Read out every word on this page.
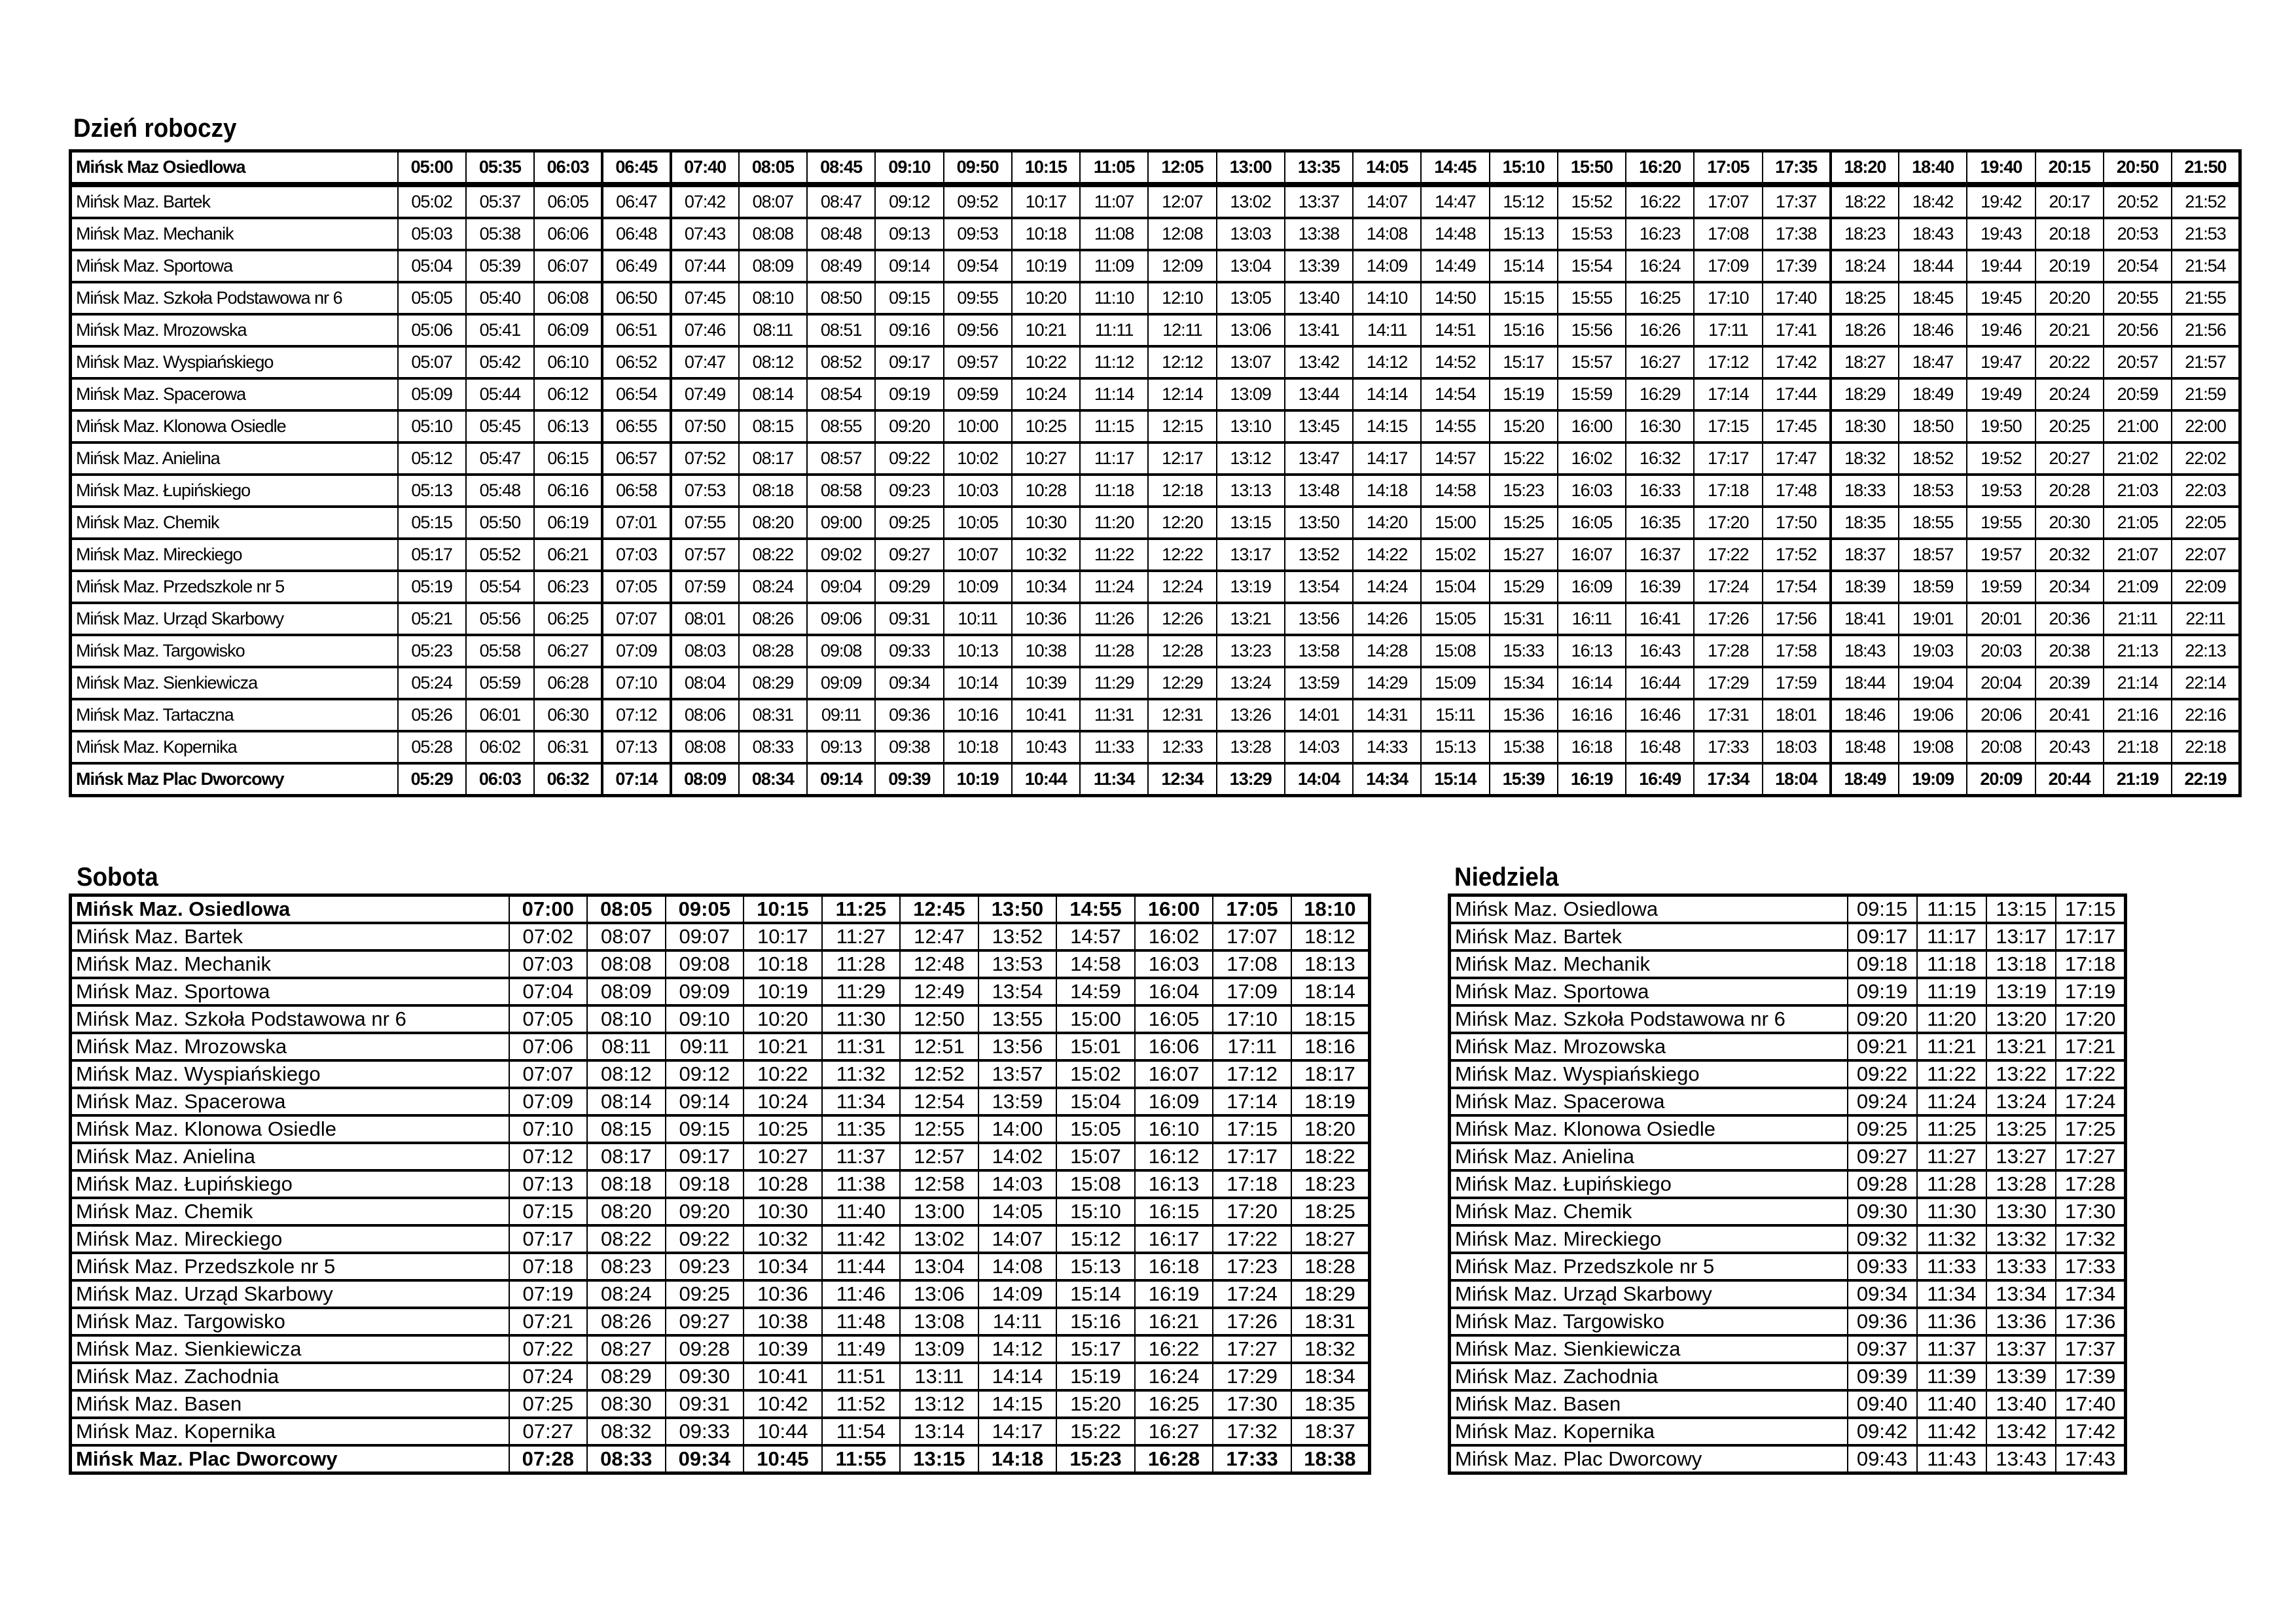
Dzień roboczy
Mińsk Maz Osiedlowa	05:00	05:35	06:03	06:45	07:40	08:05	08:45	09:10	09:50	10:15	11:05	12:05	13:00	13:35	14:05	14:45	15:10	15:50	16:20	17:05	17:35	18:20	18:40	19:40	20:15	20:50	21:50
Mińsk Maz. Bartek	05:02	05:37	06:05	06:47	07:42	08:07	08:47	09:12	09:52	10:17	11:07	12:07	13:02	13:37	14:07	14:47	15:12	15:52	16:22	17:07	17:37	18:22	18:42	19:42	20:17	20:52	21:52
Mińsk Maz. Mechanik	05:03	05:38	06:06	06:48	07:43	08:08	08:48	09:13	09:53	10:18	11:08	12:08	13:03	13:38	14:08	14:48	15:13	15:53	16:23	17:08	17:38	18:23	18:43	19:43	20:18	20:53	21:53
Mińsk Maz. Sportowa	05:04	05:39	06:07	06:49	07:44	08:09	08:49	09:14	09:54	10:19	11:09	12:09	13:04	13:39	14:09	14:49	15:14	15:54	16:24	17:09	17:39	18:24	18:44	19:44	20:19	20:54	21:54
Mińsk Maz. Szkoła Podstawowa nr 6	05:05	05:40	06:08	06:50	07:45	08:10	08:50	09:15	09:55	10:20	11:10	12:10	13:05	13:40	14:10	14:50	15:15	15:55	16:25	17:10	17:40	18:25	18:45	19:45	20:20	20:55	21:55
Mińsk Maz. Mrozowska	05:06	05:41	06:09	06:51	07:46	08:11	08:51	09:16	09:56	10:21	11:11	12:11	13:06	13:41	14:11	14:51	15:16	15:56	16:26	17:11	17:41	18:26	18:46	19:46	20:21	20:56	21:56
Mińsk Maz. Wyspiańskiego	05:07	05:42	06:10	06:52	07:47	08:12	08:52	09:17	09:57	10:22	11:12	12:12	13:07	13:42	14:12	14:52	15:17	15:57	16:27	17:12	17:42	18:27	18:47	19:47	20:22	20:57	21:57
Mińsk Maz. Spacerowa	05:09	05:44	06:12	06:54	07:49	08:14	08:54	09:19	09:59	10:24	11:14	12:14	13:09	13:44	14:14	14:54	15:19	15:59	16:29	17:14	17:44	18:29	18:49	19:49	20:24	20:59	21:59
Mińsk Maz. Klonowa Osiedle	05:10	05:45	06:13	06:55	07:50	08:15	08:55	09:20	10:00	10:25	11:15	12:15	13:10	13:45	14:15	14:55	15:20	16:00	16:30	17:15	17:45	18:30	18:50	19:50	20:25	21:00	22:00
Mińsk Maz. Anielina	05:12	05:47	06:15	06:57	07:52	08:17	08:57	09:22	10:02	10:27	11:17	12:17	13:12	13:47	14:17	14:57	15:22	16:02	16:32	17:17	17:47	18:32	18:52	19:52	20:27	21:02	22:02
Mińsk Maz. Łupińskiego	05:13	05:48	06:16	06:58	07:53	08:18	08:58	09:23	10:03	10:28	11:18	12:18	13:13	13:48	14:18	14:58	15:23	16:03	16:33	17:18	17:48	18:33	18:53	19:53	20:28	21:03	22:03
Mińsk Maz. Chemik	05:15	05:50	06:19	07:01	07:55	08:20	09:00	09:25	10:05	10:30	11:20	12:20	13:15	13:50	14:20	15:00	15:25	16:05	16:35	17:20	17:50	18:35	18:55	19:55	20:30	21:05	22:05
Mińsk Maz. Mireckiego	05:17	05:52	06:21	07:03	07:57	08:22	09:02	09:27	10:07	10:32	11:22	12:22	13:17	13:52	14:22	15:02	15:27	16:07	16:37	17:22	17:52	18:37	18:57	19:57	20:32	21:07	22:07
Mińsk Maz. Przedszkole nr 5	05:19	05:54	06:23	07:05	07:59	08:24	09:04	09:29	10:09	10:34	11:24	12:24	13:19	13:54	14:24	15:04	15:29	16:09	16:39	17:24	17:54	18:39	18:59	19:59	20:34	21:09	22:09
Mińsk Maz. Urząd Skarbowy	05:21	05:56	06:25	07:07	08:01	08:26	09:06	09:31	10:11	10:36	11:26	12:26	13:21	13:56	14:26	15:05	15:31	16:11	16:41	17:26	17:56	18:41	19:01	20:01	20:36	21:11	22:11
Mińsk Maz. Targowisko	05:23	05:58	06:27	07:09	08:03	08:28	09:08	09:33	10:13	10:38	11:28	12:28	13:23	13:58	14:28	15:08	15:33	16:13	16:43	17:28	17:58	18:43	19:03	20:03	20:38	21:13	22:13
Mińsk Maz. Sienkiewicza	05:24	05:59	06:28	07:10	08:04	08:29	09:09	09:34	10:14	10:39	11:29	12:29	13:24	13:59	14:29	15:09	15:34	16:14	16:44	17:29	17:59	18:44	19:04	20:04	20:39	21:14	22:14
Mińsk Maz. Tartaczna	05:26	06:01	06:30	07:12	08:06	08:31	09:11	09:36	10:16	10:41	11:31	12:31	13:26	14:01	14:31	15:11	15:36	16:16	16:46	17:31	18:01	18:46	19:06	20:06	20:41	21:16	22:16
Mińsk Maz. Kopernika	05:28	06:02	06:31	07:13	08:08	08:33	09:13	09:38	10:18	10:43	11:33	12:33	13:28	14:03	14:33	15:13	15:38	16:18	16:48	17:33	18:03	18:48	19:08	20:08	20:43	21:18	22:18
Mińsk Maz Plac Dworcowy	05:29	06:03	06:32	07:14	08:09	08:34	09:14	09:39	10:19	10:44	11:34	12:34	13:29	14:04	14:34	15:14	15:39	16:19	16:49	17:34	18:04	18:49	19:09	20:09	20:44	21:19	22:19
Sobota
Mińsk Maz. Osiedlowa	07:00	08:05	09:05	10:15	11:25	12:45	13:50	14:55	16:00	17:05	18:10
Mińsk Maz. Bartek	07:02	08:07	09:07	10:17	11:27	12:47	13:52	14:57	16:02	17:07	18:12
Mińsk Maz. Mechanik	07:03	08:08	09:08	10:18	11:28	12:48	13:53	14:58	16:03	17:08	18:13
Mińsk Maz. Sportowa	07:04	08:09	09:09	10:19	11:29	12:49	13:54	14:59	16:04	17:09	18:14
Mińsk Maz. Szkoła Podstawowa nr 6	07:05	08:10	09:10	10:20	11:30	12:50	13:55	15:00	16:05	17:10	18:15
Mińsk Maz. Mrozowska	07:06	08:11	09:11	10:21	11:31	12:51	13:56	15:01	16:06	17:11	18:16
Mińsk Maz. Wyspiańskiego	07:07	08:12	09:12	10:22	11:32	12:52	13:57	15:02	16:07	17:12	18:17
Mińsk Maz. Spacerowa	07:09	08:14	09:14	10:24	11:34	12:54	13:59	15:04	16:09	17:14	18:19
Mińsk Maz. Klonowa Osiedle	07:10	08:15	09:15	10:25	11:35	12:55	14:00	15:05	16:10	17:15	18:20
Mińsk Maz. Anielina	07:12	08:17	09:17	10:27	11:37	12:57	14:02	15:07	16:12	17:17	18:22
Mińsk Maz. Łupińskiego	07:13	08:18	09:18	10:28	11:38	12:58	14:03	15:08	16:13	17:18	18:23
Mińsk Maz. Chemik	07:15	08:20	09:20	10:30	11:40	13:00	14:05	15:10	16:15	17:20	18:25
Mińsk Maz. Mireckiego	07:17	08:22	09:22	10:32	11:42	13:02	14:07	15:12	16:17	17:22	18:27
Mińsk Maz. Przedszkole nr 5	07:18	08:23	09:23	10:34	11:44	13:04	14:08	15:13	16:18	17:23	18:28
Mińsk Maz. Urząd Skarbowy	07:19	08:24	09:25	10:36	11:46	13:06	14:09	15:14	16:19	17:24	18:29
Mińsk Maz. Targowisko	07:21	08:26	09:27	10:38	11:48	13:08	14:11	15:16	16:21	17:26	18:31
Mińsk Maz. Sienkiewicza	07:22	08:27	09:28	10:39	11:49	13:09	14:12	15:17	16:22	17:27	18:32
Mińsk Maz. Zachodnia	07:24	08:29	09:30	10:41	11:51	13:11	14:14	15:19	16:24	17:29	18:34
Mińsk Maz. Basen	07:25	08:30	09:31	10:42	11:52	13:12	14:15	15:20	16:25	17:30	18:35
Mińsk Maz. Kopernika	07:27	08:32	09:33	10:44	11:54	13:14	14:17	15:22	16:27	17:32	18:37
Mińsk Maz. Plac Dworcowy	07:28	08:33	09:34	10:45	11:55	13:15	14:18	15:23	16:28	17:33	18:38
Niedziela
Mińsk Maz. Osiedlowa	09:15	11:15	13:15	17:15
Mińsk Maz. Bartek	09:17	11:17	13:17	17:17
Mińsk Maz. Mechanik	09:18	11:18	13:18	17:18
Mińsk Maz. Sportowa	09:19	11:19	13:19	17:19
Mińsk Maz. Szkoła Podstawowa nr 6	09:20	11:20	13:20	17:20
Mińsk Maz. Mrozowska	09:21	11:21	13:21	17:21
Mińsk Maz. Wyspiańskiego	09:22	11:22	13:22	17:22
Mińsk Maz. Spacerowa	09:24	11:24	13:24	17:24
Mińsk Maz. Klonowa Osiedle	09:25	11:25	13:25	17:25
Mińsk Maz. Anielina	09:27	11:27	13:27	17:27
Mińsk Maz. Łupińskiego	09:28	11:28	13:28	17:28
Mińsk Maz. Chemik	09:30	11:30	13:30	17:30
Mińsk Maz. Mireckiego	09:32	11:32	13:32	17:32
Mińsk Maz. Przedszkole nr 5	09:33	11:33	13:33	17:33
Mińsk Maz. Urząd Skarbowy	09:34	11:34	13:34	17:34
Mińsk Maz. Targowisko	09:36	11:36	13:36	17:36
Mińsk Maz. Sienkiewicza	09:37	11:37	13:37	17:37
Mińsk Maz. Zachodnia	09:39	11:39	13:39	17:39
Mińsk Maz. Basen	09:40	11:40	13:40	17:40
Mińsk Maz. Kopernika	09:42	11:42	13:42	17:42
Mińsk Maz. Plac Dworcowy	09:43	11:43	13:43	17:43
